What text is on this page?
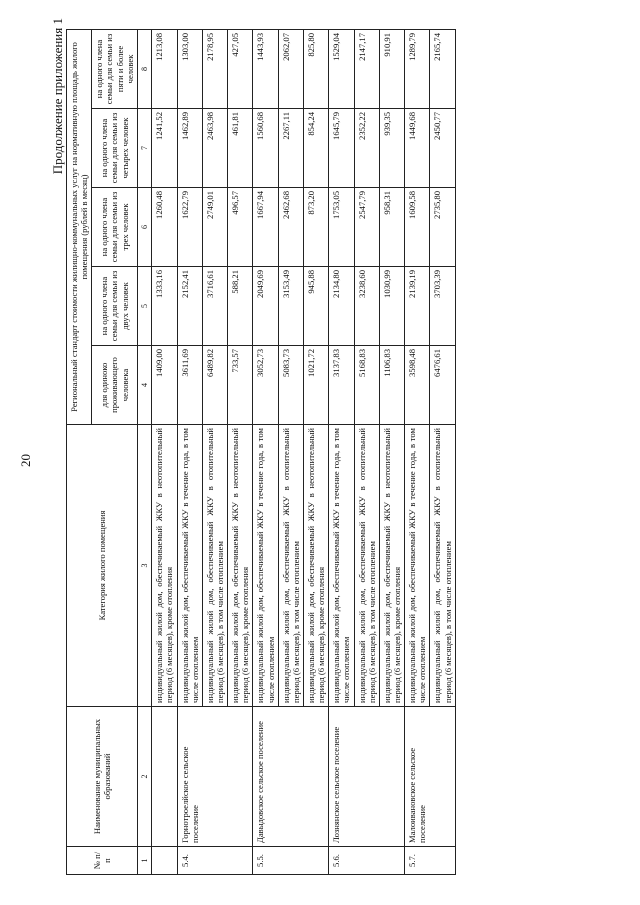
20
Продолжение приложения 1
№ п/п	Наименование муниципальных образований	Категория жилого помещения	Региональный стандарт стоимости жилищно-коммунальных услуг на нормативную площадь жилого помещения (рублей в месяц)				
			для одиноко проживающего человека	на одного члена семьи для семьи из двух человек	на одного члена семьи для семьи из трех человек	на одного члена семьи для семьи из четырех человек	на одного члена семьи для семьи из пяти и более человек
1	2	3	4	5	6	7	8
		индивидуальный жилой дом, обеспечиваемый ЖКУ в неотопительный период (6 месяцев), кроме отопления	1409,00	1333,16	1260,48	1241,52	1213,08
5.4.	Горнотроелйское сельское поселение	индивидуальный жилой дом, обеспечиваемый ЖКУ в течение года, в том числе отоплением	3611,69	2152,41	1622,79	1462,89	1303,00
		индивидуальный жилой дом, обеспечиваемый ЖКУ в отопительный период (6 месяцев), в том числе отоплением	6489,82	3716,61	2749,01	2463,98	2178,95
		индивидуальный жилой дом, обеспечиваемый ЖКУ в неотопительный период (6 месяцев), кроме отопления	733,57	588,21	496,57	461,81	427,05
5.5.	Давыдовское сельское поселение	индивидуальный жилой дом, обеспечиваемый ЖКУ в течение года, в том числе отоплением	3052,73	2049,69	1667,94	1560,68	1443,93
		индивидуальный жилой дом, обеспечиваемый ЖКУ в отопительный период (6 месяцев), в том числе отоплением	5083,73	3153,49	2462,68	2267,11	2062,07
		индивидуальный жилой дом, обеспечиваемый ЖКУ в неотопительный период (6 месяцев), кроме отопления	1021,72	945,88	873,20	854,24	825,80
5.6.	Лознянское сельское поселение	индивидуальный жилой дом, обеспечиваемый ЖКУ в течение года, в том числе отоплением	3137,83	2134,80	1753,05	1645,79	1529,04
		индивидуальный жилой дом, обеспечиваемый ЖКУ в отопительный период (6 месяцев), в том числе отоплением	5168,83	3238,60	2547,79	2352,22	2147,17
		индивидуальный жилой дом, обеспечиваемый ЖКУ в неотопительный период (6 месяцев), кроме отопления	1106,83	1030,99	958,31	939,35	910,91
5.7.	Малоивановское сельское поселение	индивидуальный жилой дом, обеспечиваемый ЖКУ в течение года, в том числе отоплением	3598,48	2139,19	1609,58	1449,68	1289,79
		индивидуальный жилой дом, обеспечиваемый ЖКУ в отопительный период (6 месяцев), в том числе отоплением	6476,61	3703,39	2735,80	2450,77	2165,74
